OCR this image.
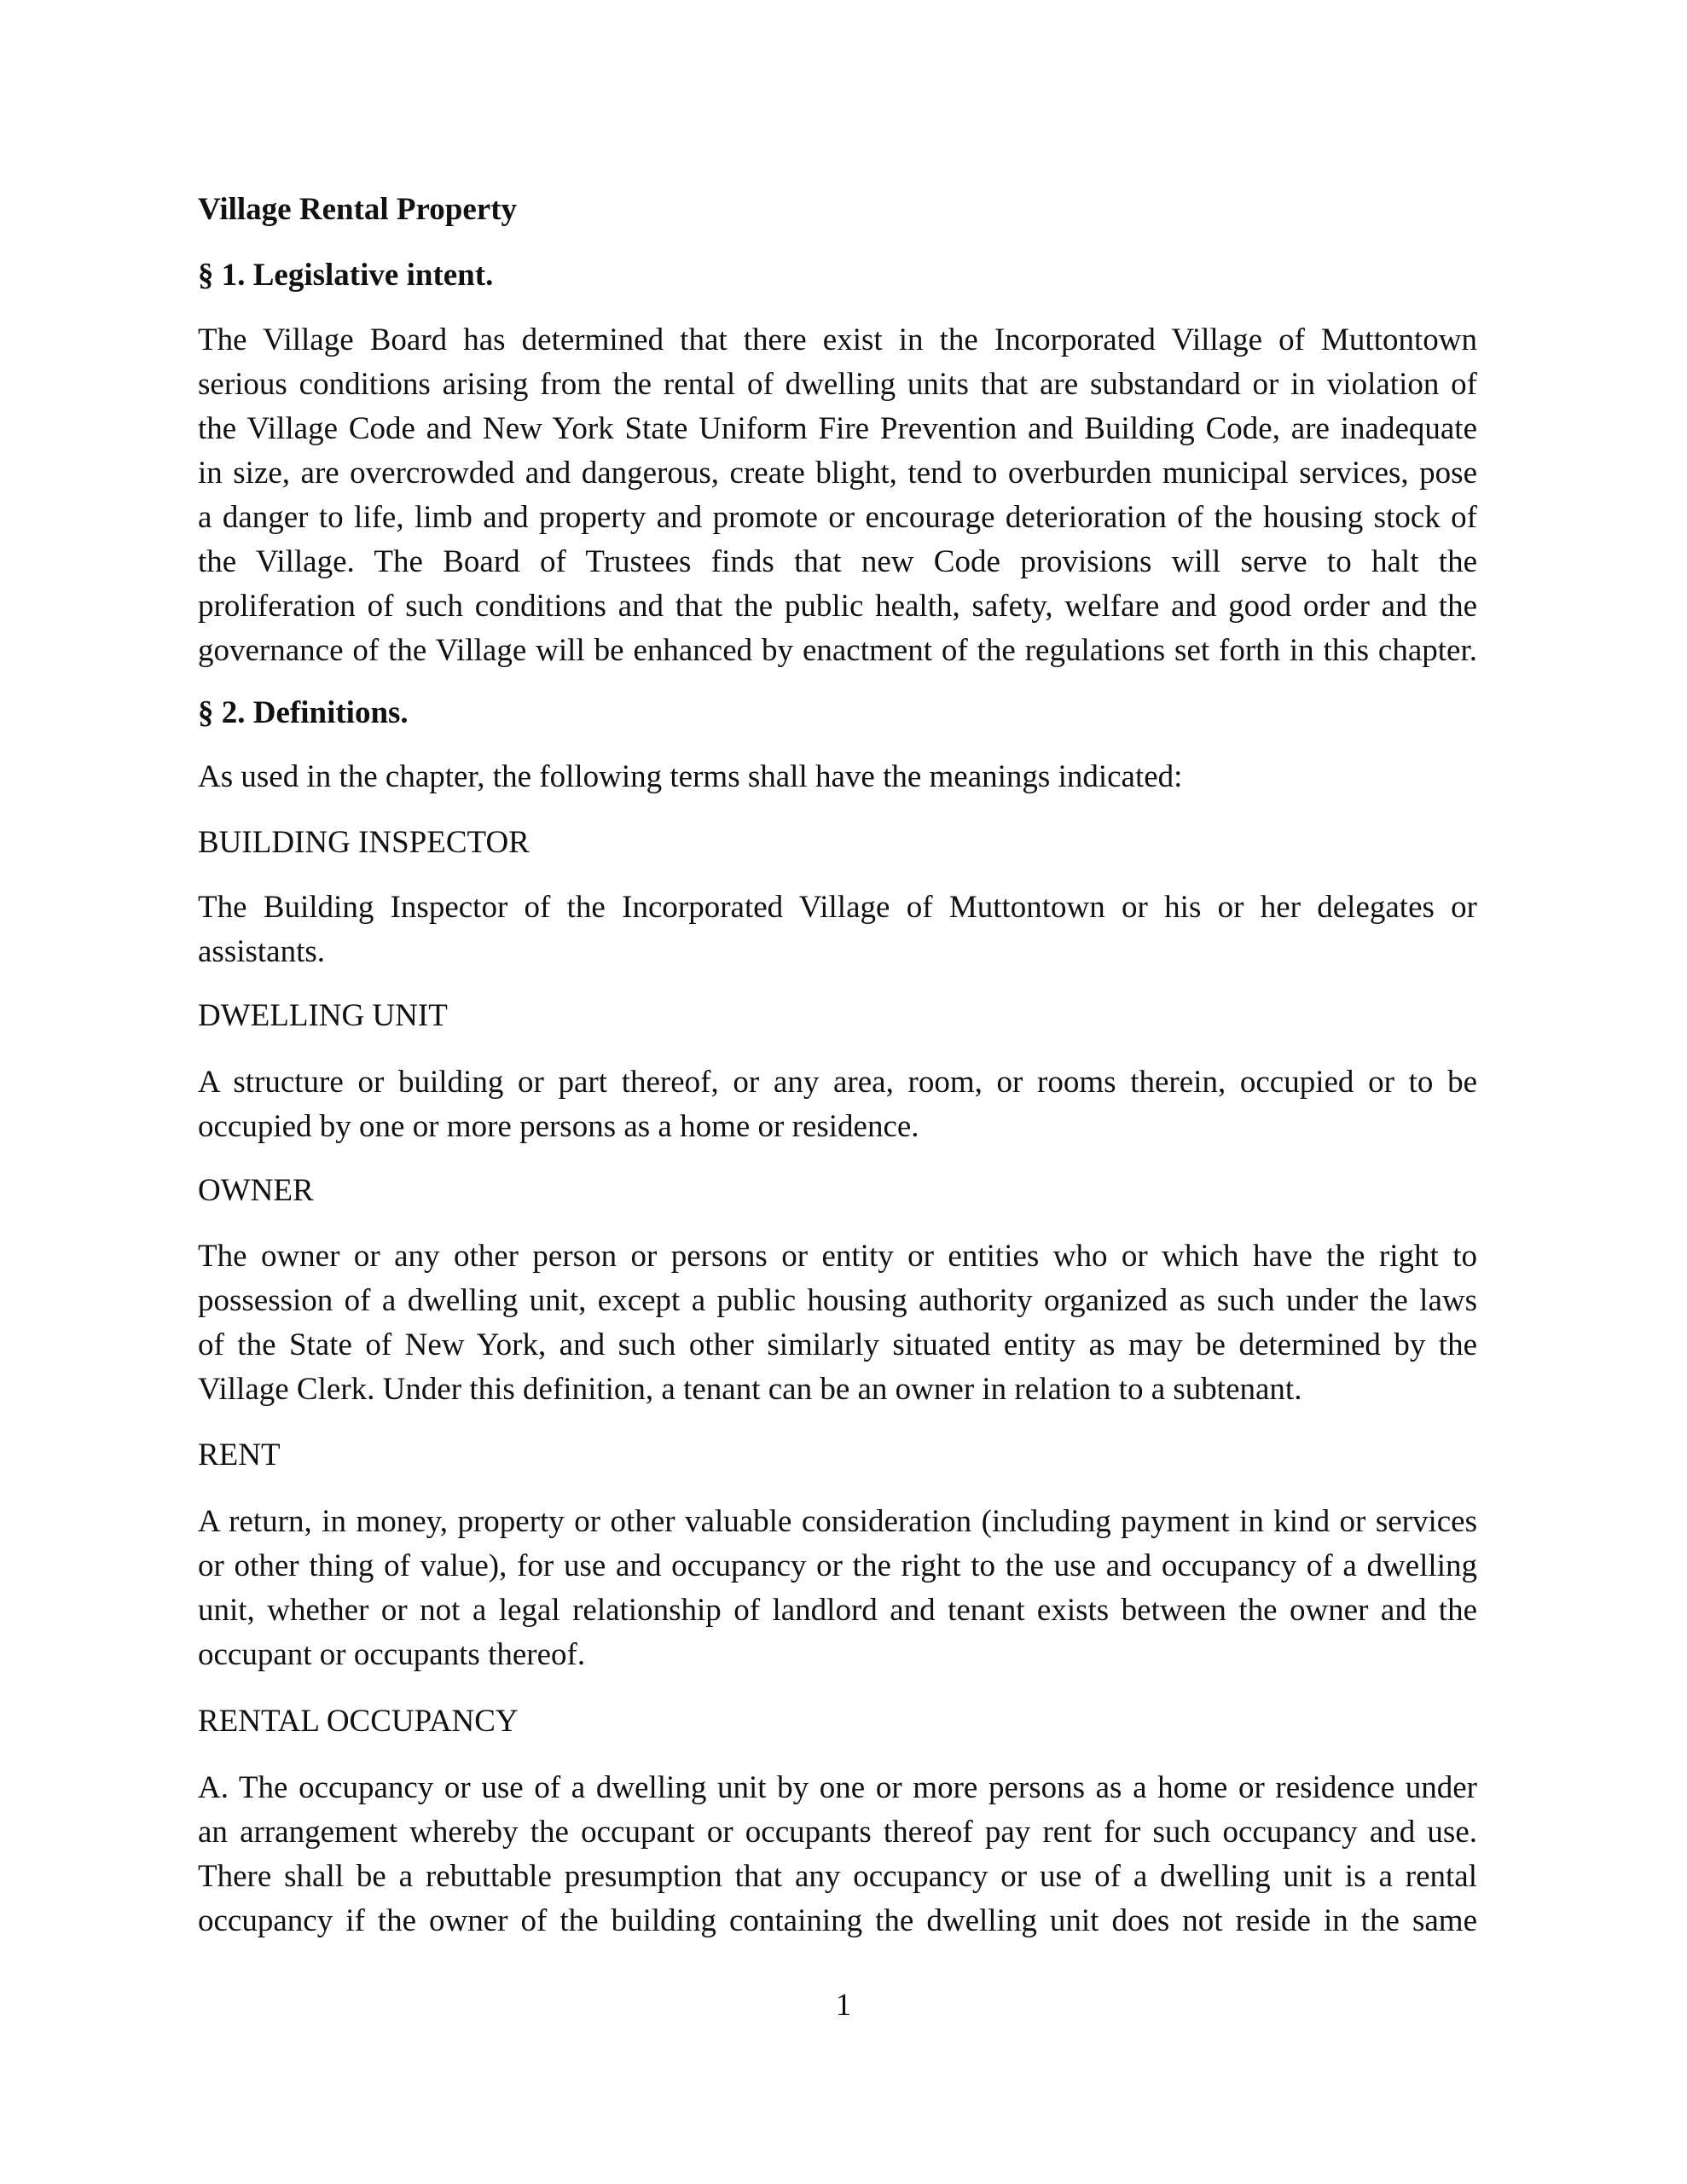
Village Rental Property
§ 1. Legislative intent.
The Village Board has determined that there exist in the Incorporated Village of Muttontown
serious conditions arising from the rental of dwelling units that are substandard or in violation of
the Village Code and New York State Uniform Fire Prevention and Building Code, are inadequate
in size, are overcrowded and dangerous, create blight, tend to overburden municipal services, pose
a danger to life, limb and property and promote or encourage deterioration of the housing stock of
the Village. The Board of Trustees finds that new Code provisions will serve to halt the
proliferation of such conditions and that the public health, safety, welfare and good order and the
governance of the Village will be enhanced by enactment of the regulations set forth in this chapter.
§ 2. Definitions.
As used in the chapter, the following terms shall have the meanings indicated:
BUILDING INSPECTOR
The Building Inspector of the Incorporated Village of Muttontown or his or her delegates or
assistants.
DWELLING UNIT
A structure or building or part thereof, or any area, room, or rooms therein, occupied or to be
occupied by one or more persons as a home or residence.
OWNER
The owner or any other person or persons or entity or entities who or which have the right to
possession of a dwelling unit, except a public housing authority organized as such under the laws
of the State of New York, and such other similarly situated entity as may be determined by the
Village Clerk. Under this definition, a tenant can be an owner in relation to a subtenant.
RENT
A return, in money, property or other valuable consideration (including payment in kind or services
or other thing of value), for use and occupancy or the right to the use and occupancy of a dwelling
unit, whether or not a legal relationship of landlord and tenant exists between the owner and the
occupant or occupants thereof.
RENTAL OCCUPANCY
A. The occupancy or use of a dwelling unit by one or more persons as a home or residence under
an arrangement whereby the occupant or occupants thereof pay rent for such occupancy and use.
There shall be a rebuttable presumption that any occupancy or use of a dwelling unit is a rental
occupancy if the owner of the building containing the dwelling unit does not reside in the same
1
